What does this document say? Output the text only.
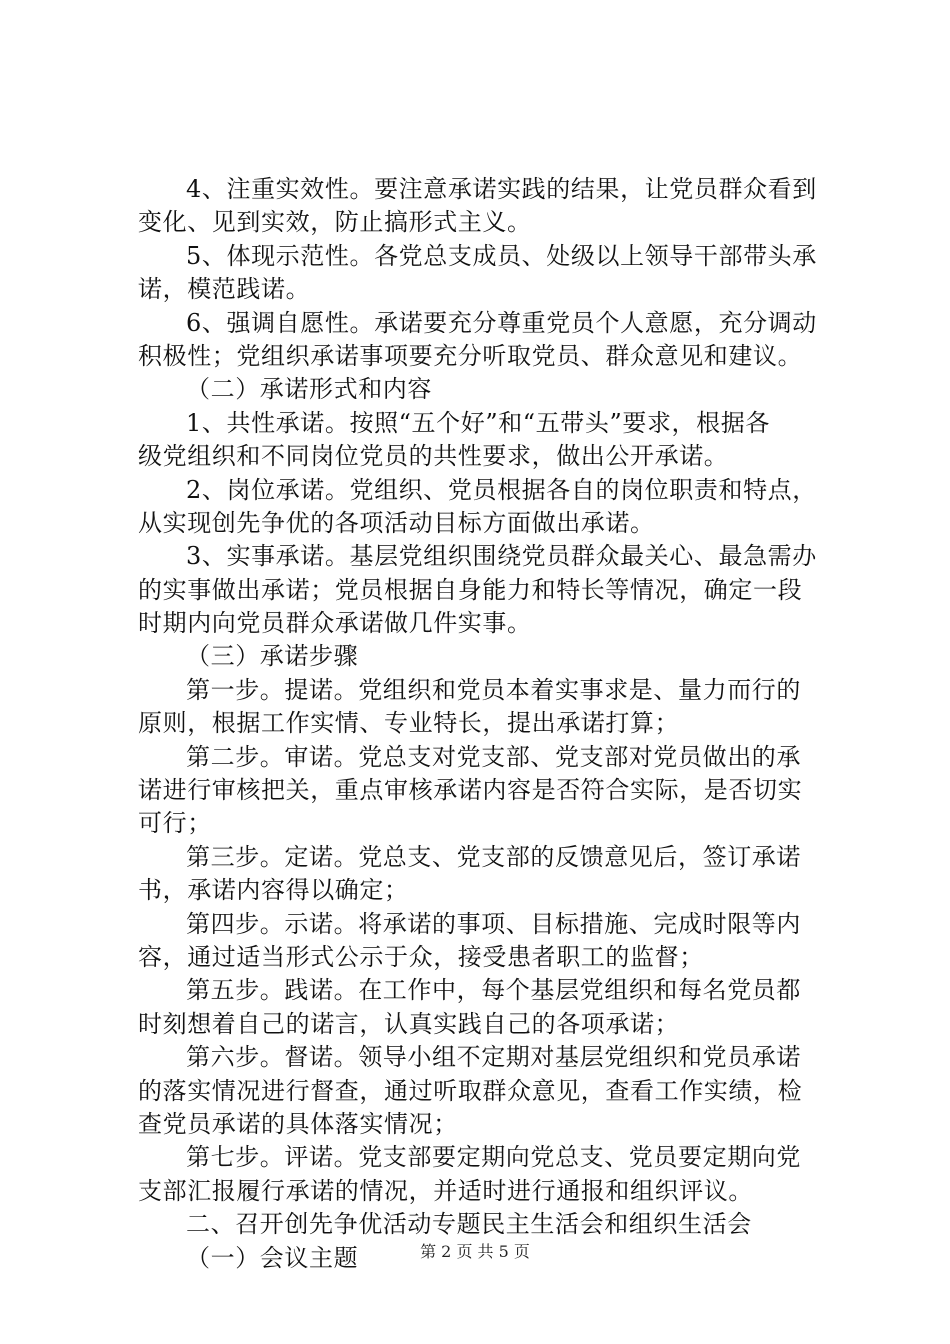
4、注重实效性。要注意承诺实践的结果，让党员群众看到
变化、见到实效，防止搞形式主义。
5、体现示范性。各党总支成员、处级以上领导干部带头承
诺，模范践诺。
6、强调自愿性。承诺要充分尊重党员个人意愿，充分调动
积极性；党组织承诺事项要充分听取党员、群众意见和建议。
（二）承诺形式和内容
1、共性承诺。按照“五个好”和“五带头”要求，根据各
级党组织和不同岗位党员的共性要求，做出公开承诺。
2、岗位承诺。党组织、党员根据各自的岗位职责和特点，
从实现创先争优的各项活动目标方面做出承诺。
3、实事承诺。基层党组织围绕党员群众最关心、最急需办
的实事做出承诺；党员根据自身能力和特长等情况，确定一段
时期内向党员群众承诺做几件实事。
（三）承诺步骤
第一步。提诺。党组织和党员本着实事求是、量力而行的
原则，根据工作实情、专业特长，提出承诺打算；
第二步。审诺。党总支对党支部、党支部对党员做出的承
诺进行审核把关，重点审核承诺内容是否符合实际，是否切实
可行；
第三步。定诺。党总支、党支部的反馈意见后，签订承诺
书，承诺内容得以确定；
第四步。示诺。将承诺的事项、目标措施、完成时限等内
容，通过适当形式公示于众，接受患者职工的监督；
第五步。践诺。在工作中，每个基层党组织和每名党员都
时刻想着自己的诺言，认真实践自己的各项承诺；
第六步。督诺。领导小组不定期对基层党组织和党员承诺
的落实情况进行督查，通过听取群众意见，查看工作实绩，检
查党员承诺的具体落实情况；
第七步。评诺。党支部要定期向党总支、党员要定期向党
支部汇报履行承诺的情况，并适时进行通报和组织评议。
二、召开创先争优活动专题民主生活会和组织生活会
（一）会议主题	第 2 页 共 5 页
